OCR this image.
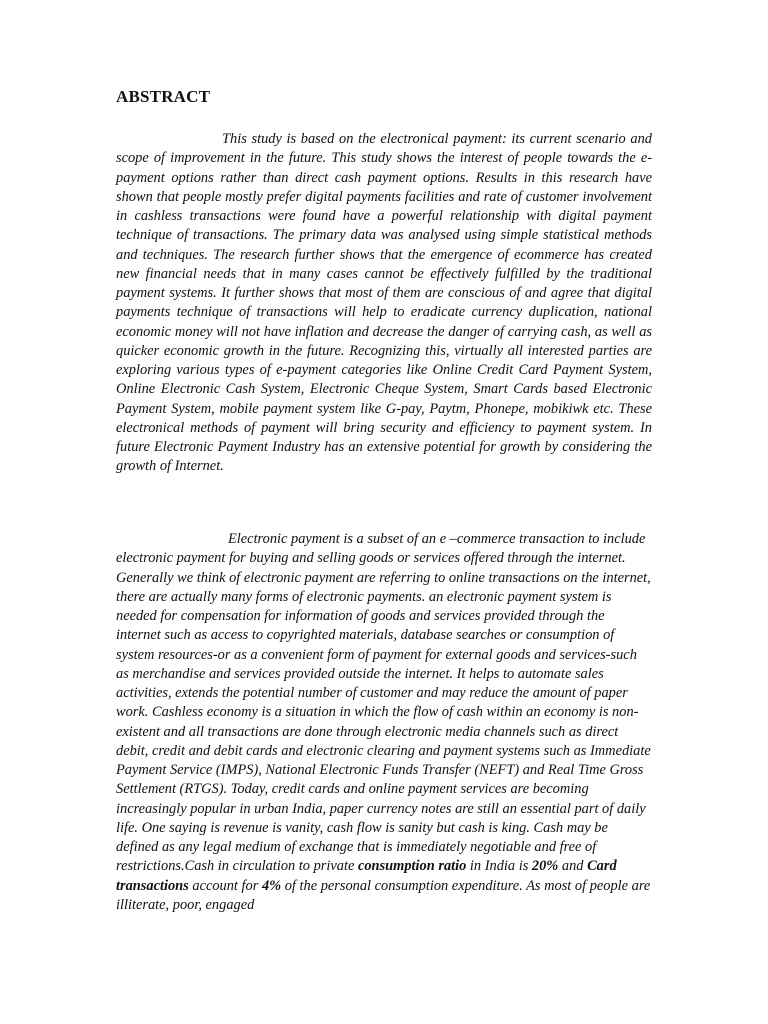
ABSTRACT

This study is based on the electronical payment: its current scenario and scope of improvement in the future. This study shows the interest of people towards the e-payment options rather than direct cash payment options. Results in this research have shown that people mostly prefer digital payments facilities and rate of customer involvement in cashless transactions were found have a powerful relationship with digital payment technique of transactions. The primary data was analysed using simple statistical methods and techniques. The research further shows that the emergence of ecommerce has created new financial needs that in many cases cannot be effectively fulfilled by the traditional payment systems. It further shows that most of them are conscious of and agree that digital payments technique of transactions will help to eradicate currency duplication, national economic money will not have inflation and decrease the danger of carrying cash, as well as quicker economic growth in the future. Recognizing this, virtually all interested parties are exploring various types of e-payment categories like Online Credit Card Payment System, Online Electronic Cash System, Electronic Cheque System, Smart Cards based Electronic Payment System, mobile payment system like G-pay, Paytm, Phonepe, mobikiwk etc. These electronical methods of payment will bring security and efficiency to payment system. In future Electronic Payment Industry has an extensive potential for growth by considering the growth of Internet.

Electronic payment is a subset of an e –commerce transaction to include electronic payment for buying and selling goods or services offered through the internet. Generally we think of electronic payment are referring to online transactions on the internet, there are actually many forms of electronic payments. an electronic payment system is needed for compensation for information of goods and services provided through the internet such as access to copyrighted materials, database searches or consumption of system resources-or as a convenient form of payment for external goods and services-such as merchandise and services provided outside the internet. It helps to automate sales activities, extends the potential number of customer and may reduce the amount of paper work. Cashless economy is a situation in which the flow of cash within an economy is non-existent and all transactions are done through electronic media channels such as direct debit, credit and debit cards and electronic clearing and payment systems such as Immediate Payment Service (IMPS), National Electronic Funds Transfer (NEFT) and Real Time Gross Settlement (RTGS). Today, credit cards and online payment services are becoming increasingly popular in urban India, paper currency notes are still an essential part of daily life. One saying is revenue is vanity, cash flow is sanity but cash is king. Cash may be defined as any legal medium of exchange that is immediately negotiable and free of restrictions.Cash in circulation to private consumption ratio in India is 20% and Card transactions account for 4% of the personal consumption expenditure. As most of people are illiterate, poor, engaged
